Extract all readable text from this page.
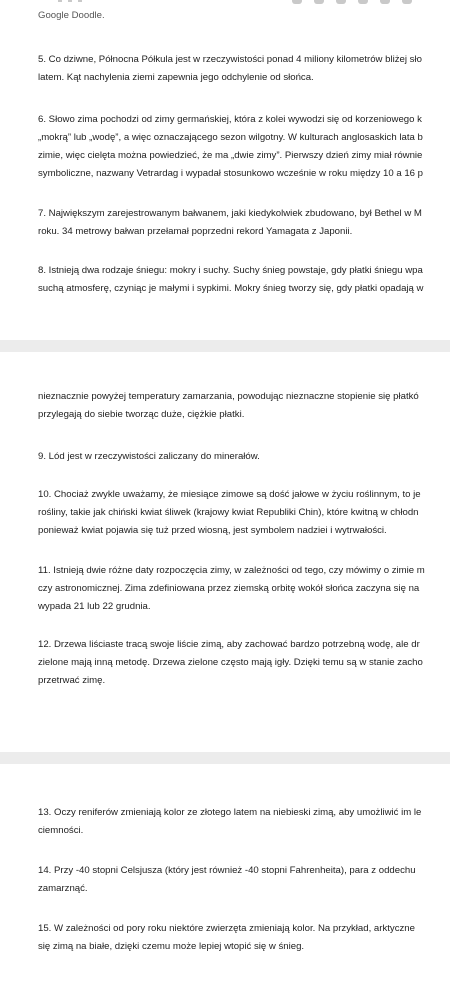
Google Doodle.
5. Co dziwne, Północna Półkula jest w rzeczywistości ponad 4 miliony kilometrów bliżej sło
latem. Kąt nachylenia ziemi zapewnia jego odchylenie od słońca.
6. Słowo zima pochodzi od zimy germańskiej, która z kolei wywodzi się od korzeniowego k
„mokrą” lub „wodę”, a więc oznaczającego sezon wilgotny. W kulturach anglosaskich lata b
zimie, więc cielęta można powiedzieć, że ma „dwie zimy”. Pierwszy dzień zimy miał równie
symboliczne, nazwany Vetrardag i wypadał stosunkowo wcześnie w roku między 10 a 16 p
7. Największym zarejestrowanym bałwanem, jaki kiedykolwiek zbudowano, był Bethel w M
roku. 34 metrowy bałwan przełamał poprzedni rekord Yamagata z Japonii.
8. Istnieją dwa rodzaje śniegu: mokry i suchy. Suchy śnieg powstaje, gdy płatki śniegu wpa
suchą atmosferę, czyniąc je małymi i sypkimi. Mokry śnieg tworzy się, gdy płatki opadają w
nieznacznie powyżej temperatury zamarzania, powodując nieznaczne stopienie się płatkó
przylegają do siebie tworząc duże, ciężkie płatki.
9. Lód jest w rzeczywistości zaliczany do minerałów.
10. Chociaż zwykle uważamy, że miesiące zimowe są dość jałowe w życiu roślinnym, to je
rośliny, takie jak chiński kwiat śliwek (krajowy kwiat Republiki Chin), które kwitną w chłodn
ponieważ kwiat pojawia się tuż przed wiosną, jest symbolem nadziei i wytrwałości.
11. Istnieją dwie różne daty rozpoczęcia zimy, w zależności od tego, czy mówimy o zimie m
czy astronomicznej. Zima zdefiniowana przez ziemską orbitę wokół słońca zaczyna się na
wypada 21 lub 22 grudnia.
12. Drzewa liściaste tracą swoje liście zimą, aby zachować bardzo potrzebną wodę, ale dr
zielone mają inną metodę. Drzewa zielone często mają igły. Dzięki temu są w stanie zacho
przetrwać zimę.
13. Oczy reniferów zmieniają kolor ze złotego latem na niebieski zimą, aby umożliwić im le
ciemności.
14. Przy -40 stopni Celsjusza (który jest również -40 stopni Fahrenheita), para z oddechu
zamarznąć.
15. W zależności od pory roku niektóre zwierzęta zmieniają kolor. Na przykład, arktyczne
się zimą na białe, dzięki czemu może lepiej wtopić się w śnieg.
